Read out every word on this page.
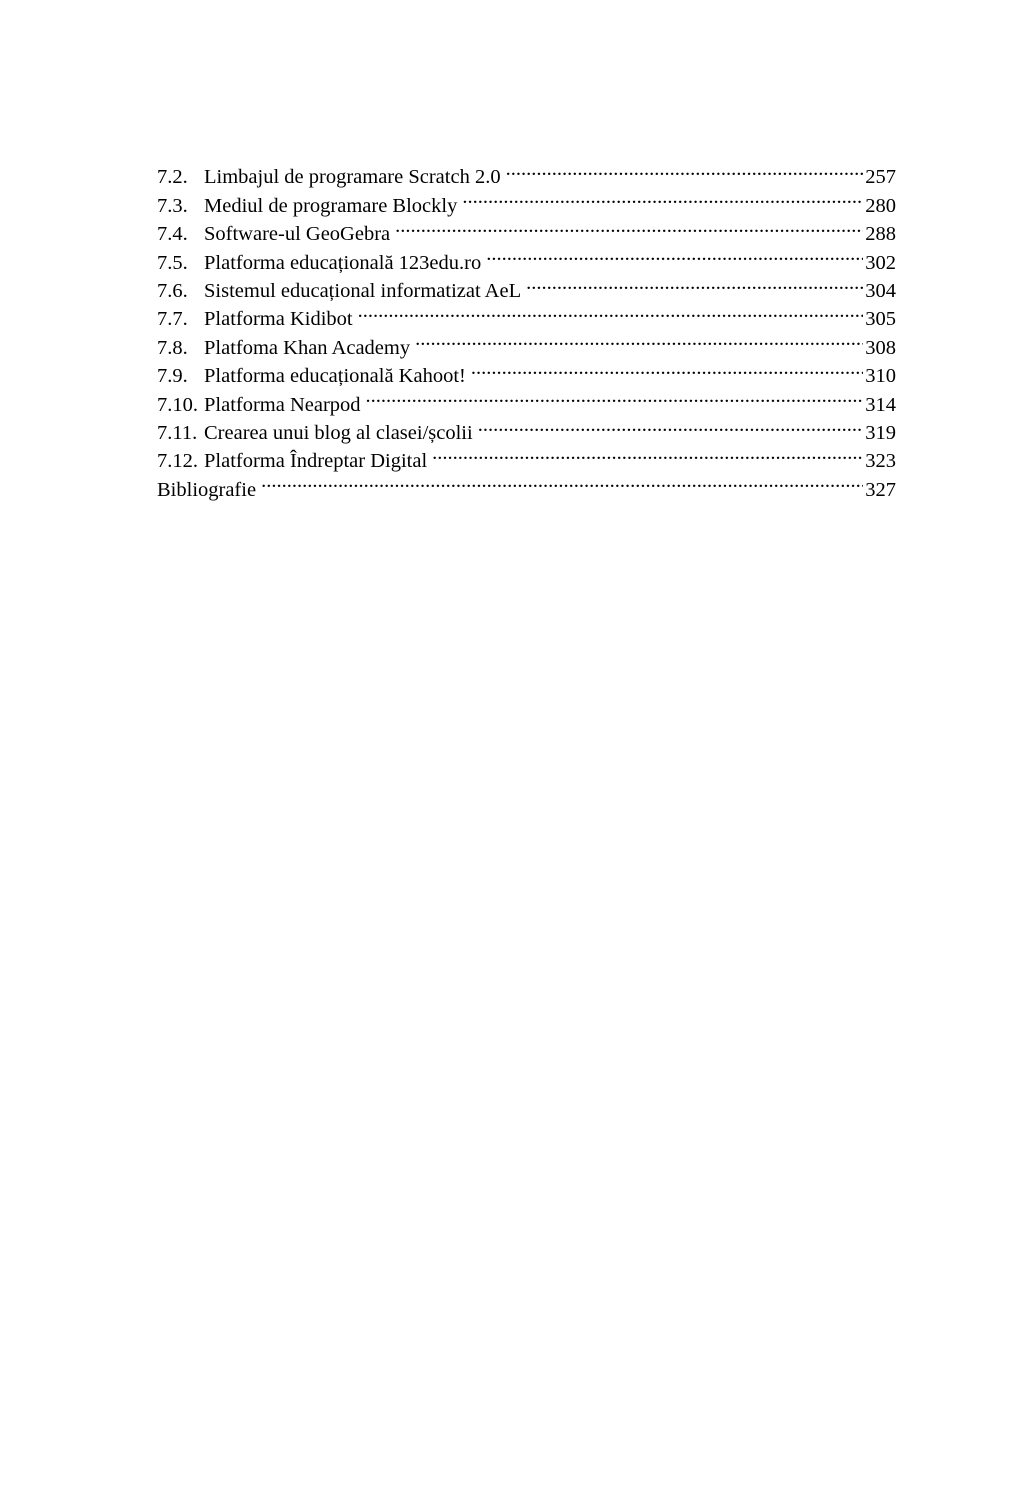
7.2. Limbajul de programare Scratch 2.0 .....	257
7.3. Mediul de programare Blockly .....	280
7.4. Software-ul GeoGebra .....	288
7.5. Platforma educațională 123edu.ro .....	302
7.6. Sistemul educațional informatizat AeL .....	304
7.7. Platforma Kidibot .....	305
7.8. Platfoma Khan Academy .....	308
7.9. Platforma educațională Kahoot! .....	310
7.10. Platforma Nearpod .....	314
7.11. Crearea unui blog al clasei/școlii .....	319
7.12. Platforma Îndreptar Digital .....	323
Bibliografie .....	327
